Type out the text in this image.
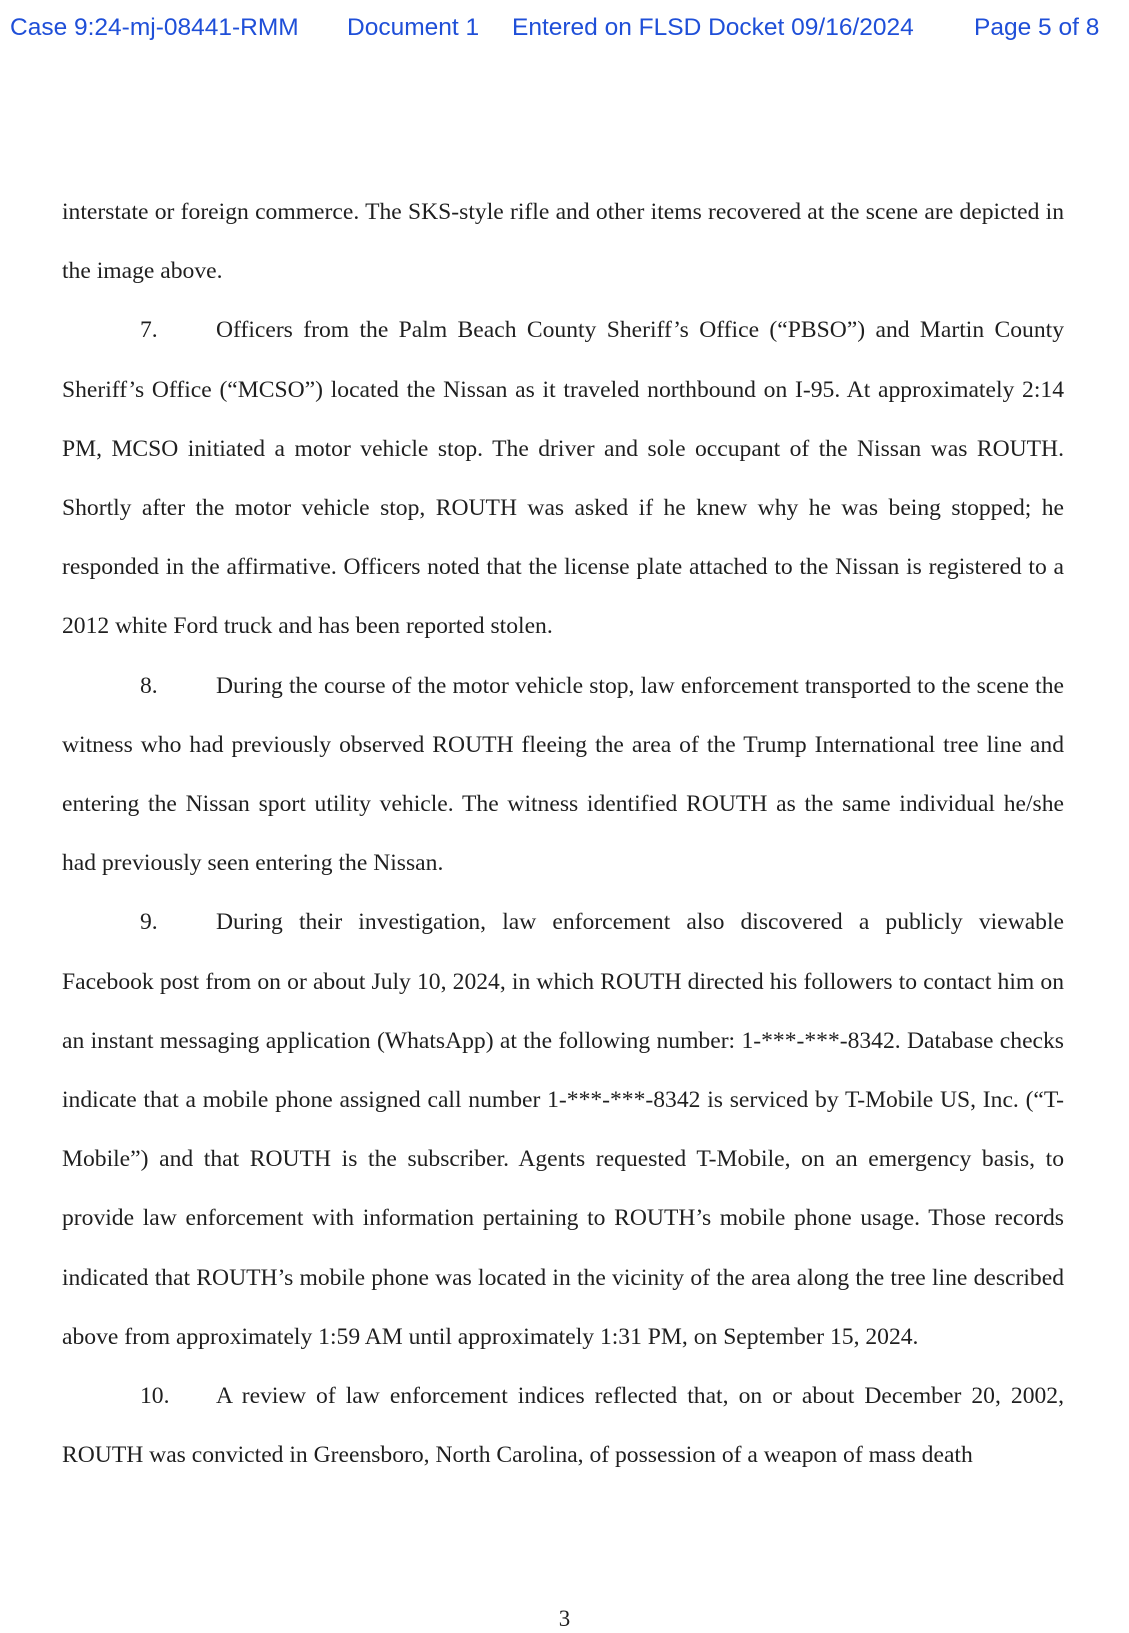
Case 9:24-mj-08441-RMM Document 1 Entered on FLSD Docket 09/16/2024 Page 5 of 8

interstate or foreign commerce. The SKS-style rifle and other items recovered at the scene are depicted in the image above.

7. Officers from the Palm Beach County Sheriff’s Office (“PBSO”) and Martin County Sheriff’s Office (“MCSO”) located the Nissan as it traveled northbound on I-95. At approximately 2:14 PM, MCSO initiated a motor vehicle stop. The driver and sole occupant of the Nissan was ROUTH. Shortly after the motor vehicle stop, ROUTH was asked if he knew why he was being stopped; he responded in the affirmative. Officers noted that the license plate attached to the Nissan is registered to a 2012 white Ford truck and has been reported stolen.

8. During the course of the motor vehicle stop, law enforcement transported to the scene the witness who had previously observed ROUTH fleeing the area of the Trump International tree line and entering the Nissan sport utility vehicle. The witness identified ROUTH as the same individual he/she had previously seen entering the Nissan.

9. During their investigation, law enforcement also discovered a publicly viewable Facebook post from on or about July 10, 2024, in which ROUTH directed his followers to contact him on an instant messaging application (WhatsApp) at the following number: 1-***-***-8342. Database checks indicate that a mobile phone assigned call number 1-***-***-8342 is serviced by T-Mobile US, Inc. (“T-Mobile”) and that ROUTH is the subscriber. Agents requested T-Mobile, on an emergency basis, to provide law enforcement with information pertaining to ROUTH’s mobile phone usage. Those records indicated that ROUTH’s mobile phone was located in the vicinity of the area along the tree line described above from approximately 1:59 AM until approximately 1:31 PM, on September 15, 2024.

10. A review of law enforcement indices reflected that, on or about December 20, 2002, ROUTH was convicted in Greensboro, North Carolina, of possession of a weapon of mass death

3
